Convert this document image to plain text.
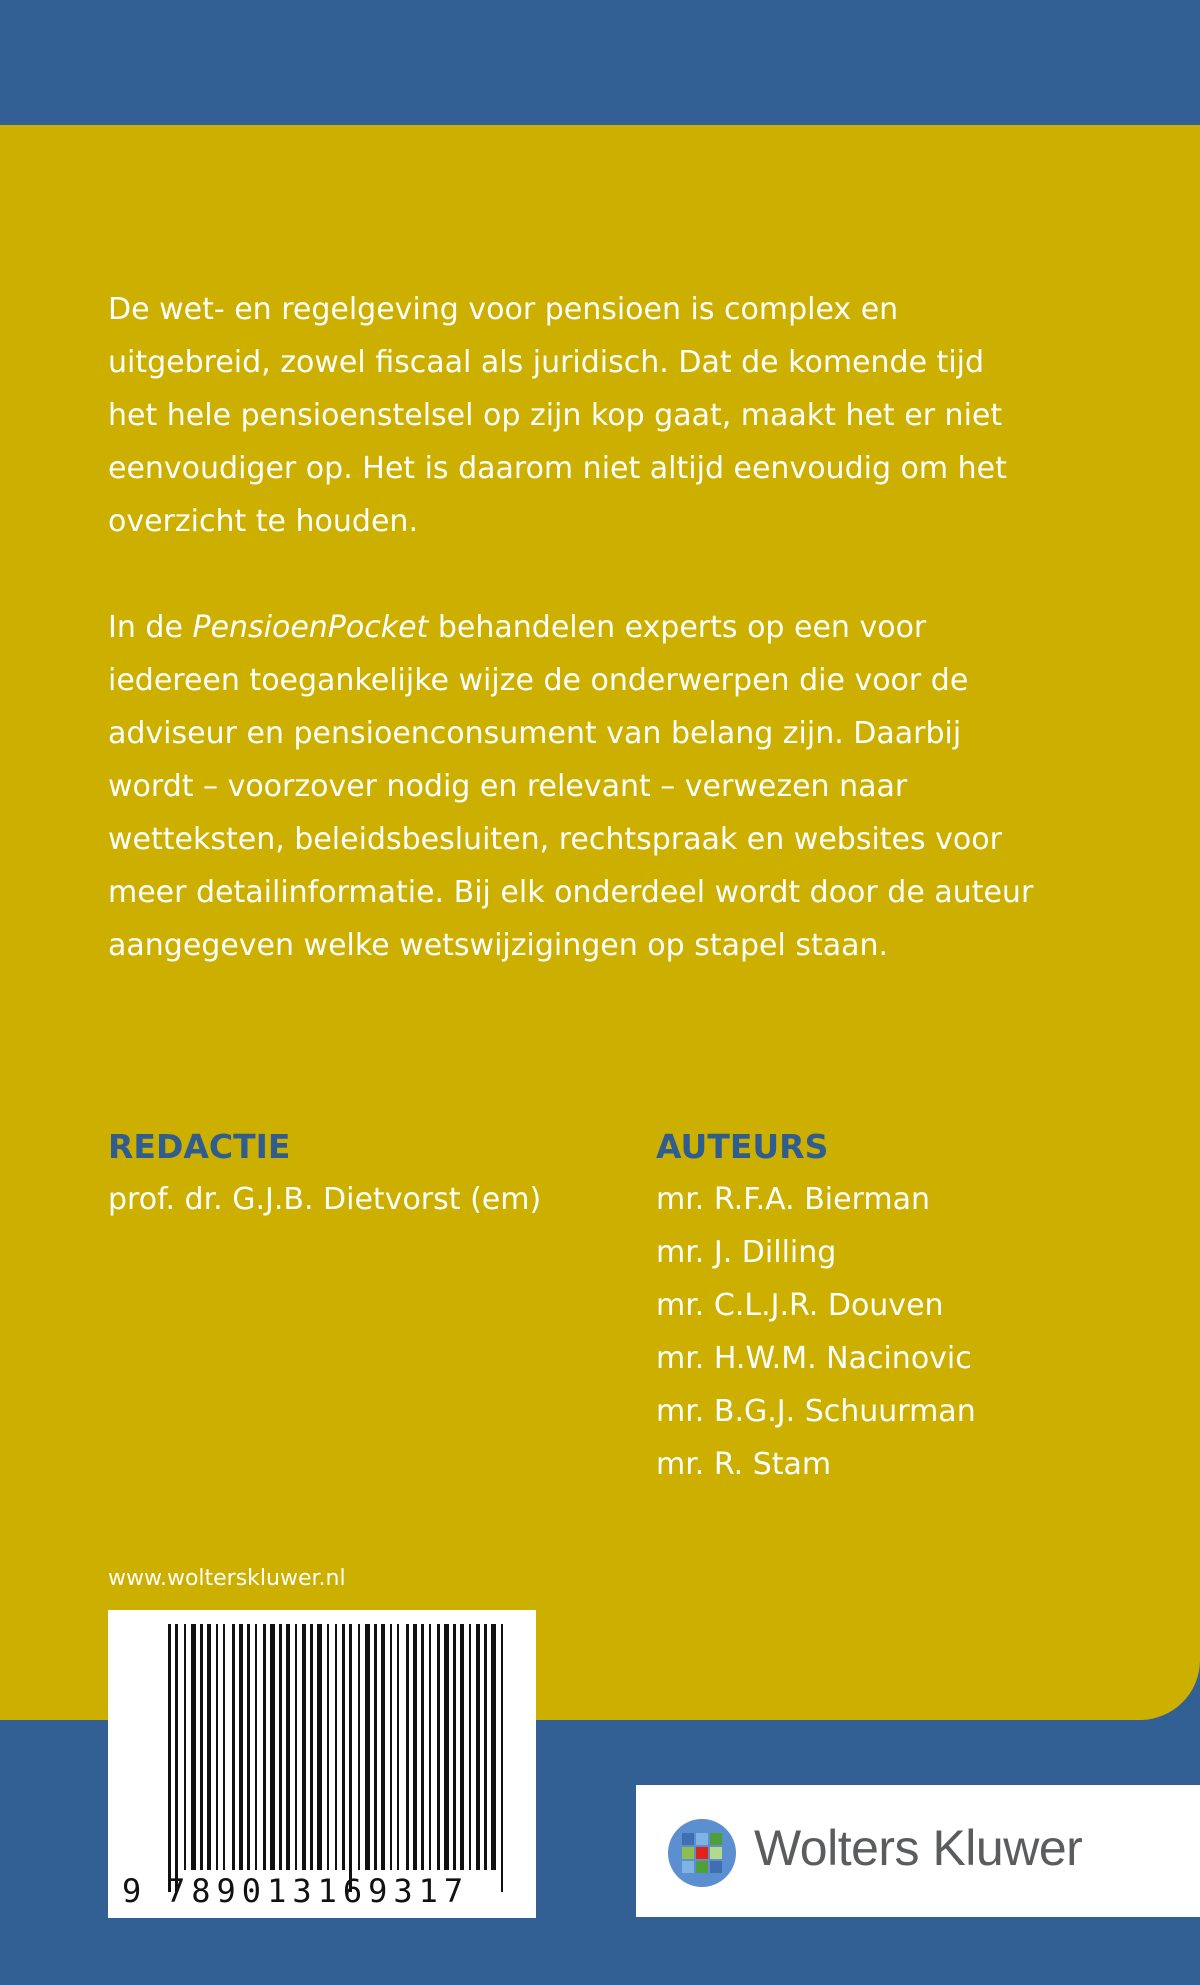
De wet- en regelgeving voor pensioen is complex en uitgebreid, zowel fiscaal als juridisch. Dat de komende tijd het hele pensioenstelsel op zijn kop gaat, maakt het er niet eenvoudiger op. Het is daarom niet altijd eenvoudig om het overzicht te houden.

In de PensioenPocket behandelen experts op een voor iedereen toegankelijke wijze de onderwerpen die voor de adviseur en pensioenconsument van belang zijn. Daarbij wordt – voorzover nodig en relevant – verwezen naar wetteksten, beleidsbesluiten, rechtspraak en websites voor meer detailinformatie. Bij elk onderdeel wordt door de auteur aangegeven welke wetswijzigingen op stapel staan.

REDACTIE
prof. dr. G.J.B. Dietvorst (em)
AUTEURS
mr. R.F.A. Bierman
mr. J. Dilling
mr. C.L.J.R. Douven
mr. H.W.M. Nacinovic
mr. B.G.J. Schuurman
mr. R. Stam
www.wolterskluwer.nl
9 789013169317
Wolters Kluwer
